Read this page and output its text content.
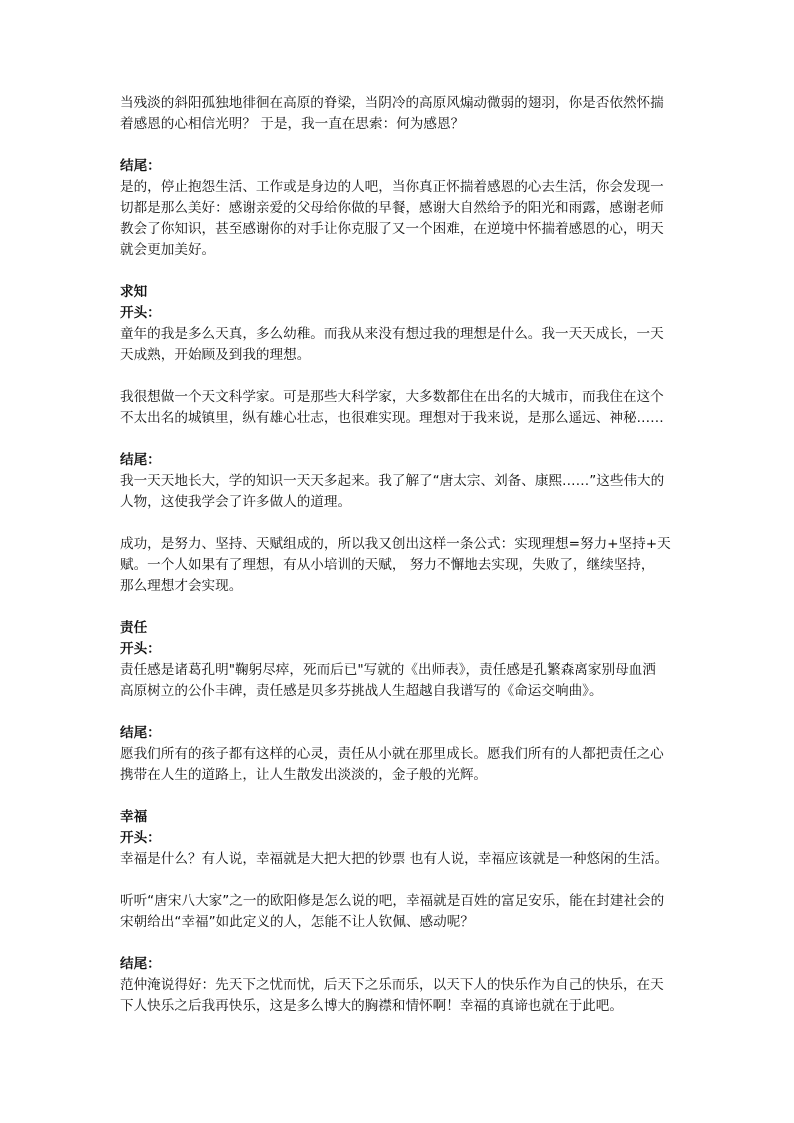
当残淡的斜阳孤独地徘徊在高原的脊梁，当阴冷的高原风煽动微弱的翅羽，你是否依然怀揣
着感恩的心相信光明？ 于是，我一直在思索：何为感恩？
结尾：
是的，停止抱怨生活、工作或是身边的人吧，当你真正怀揣着感恩的心去生活，你会发现一
切都是那么美好：感谢亲爱的父母给你做的早餐，感谢大自然给予的阳光和雨露，感谢老师
教会了你知识，甚至感谢你的对手让你克服了又一个困难，在逆境中怀揣着感恩的心，明天
就会更加美好。
求知
开头：
童年的我是多么天真，多么幼稚。而我从来没有想过我的理想是什么。我一天天成长，一天
天成熟，开始顾及到我的理想。
我很想做一个天文科学家。可是那些大科学家，大多数都住在出名的大城市，而我住在这个
不太出名的城镇里，纵有雄心壮志，也很难实现。理想对于我来说，是那么遥远、神秘……
结尾：
我一天天地长大，学的知识一天天多起来。我了解了“唐太宗、刘备、康熙……”这些伟大的
人物，这使我学会了许多做人的道理。
成功，是努力、坚持、天赋组成的，所以我又创出这样一条公式：实现理想=努力+坚持+天
赋。一个人如果有了理想，有从小培训的天赋， 努力不懈地去实现，失败了，继续坚持，
那么理想才会实现。
责任
开头：
责任感是诸葛孔明"鞠躬尽瘁，死而后已"写就的《出师表》，责任感是孔繁森离家别母血洒
高原树立的公仆丰碑，责任感是贝多芬挑战人生超越自我谱写的《命运交响曲》。
结尾：
愿我们所有的孩子都有这样的心灵，责任从小就在那里成长。愿我们所有的人都把责任之心
携带在人生的道路上，让人生散发出淡淡的，金子般的光辉。
幸福
开头：
幸福是什么？有人说，幸福就是大把大把的钞票 也有人说，幸福应该就是一种悠闲的生活。
听听“唐宋八大家”之一的欧阳修是怎么说的吧，幸福就是百姓的富足安乐，能在封建社会的
宋朝给出“幸福”如此定义的人，怎能不让人钦佩、感动呢？
结尾：
范仲淹说得好：先天下之忧而忧，后天下之乐而乐，以天下人的快乐作为自己的快乐，在天
下人快乐之后我再快乐，这是多么博大的胸襟和情怀啊！幸福的真谛也就在于此吧。
